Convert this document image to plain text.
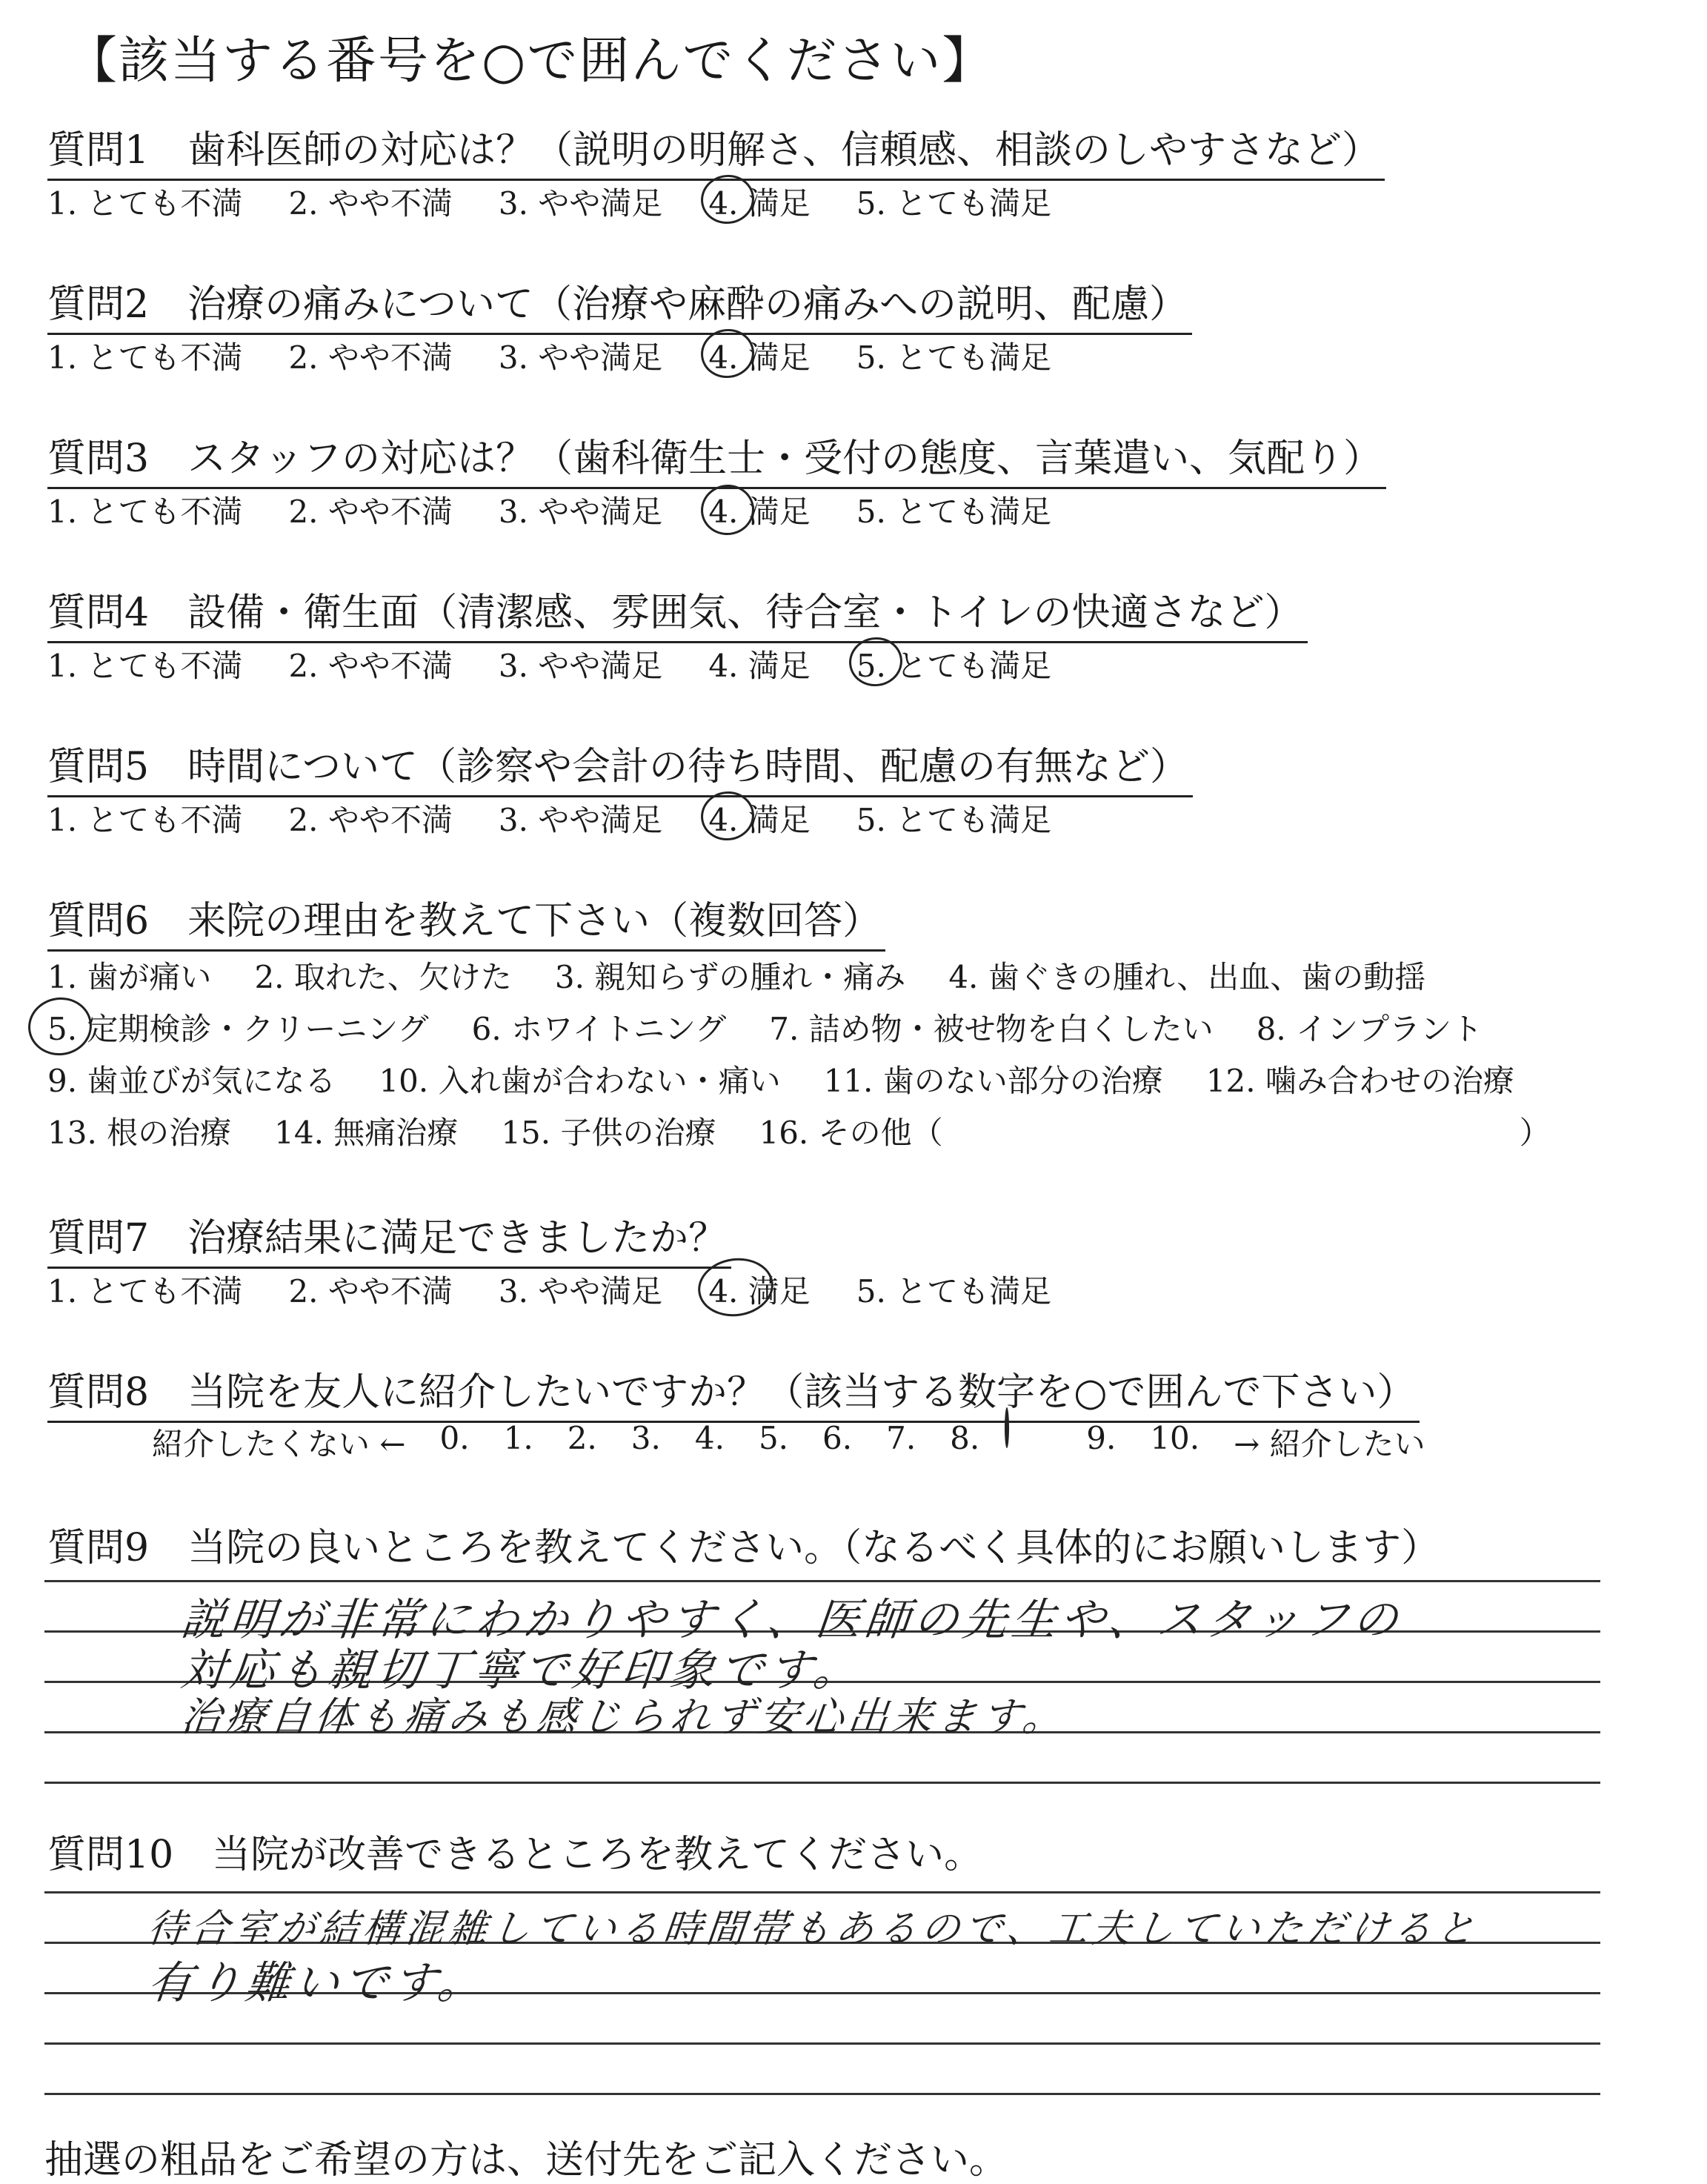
【該当する番号を○で囲んでください】
質問1　歯科医師の対応は？（説明の明解さ、信頼感、相談のしやすさなど）
1. とても不満 2. やや不満 3. やや満足 4. 満足 5. とても満足
質問2　治療の痛みについて（治療や麻酔の痛みへの説明、配慮）
1. とても不満 2. やや不満 3. やや満足 4. 満足 5. とても満足
質問3　スタッフの対応は？（歯科衛生士・受付の態度、言葉遣い、気配り）
1. とても不満 2. やや不満 3. やや満足 4. 満足 5. とても満足
質問4　設備・衛生面（清潔感、雰囲気、待合室・トイレの快適さなど）
1. とても不満 2. やや不満 3. やや満足 4. 満足 5. とても満足
質問5　時間について（診察や会計の待ち時間、配慮の有無など）
1. とても不満 2. やや不満 3. やや満足 4. 満足 5. とても満足
質問6　来院の理由を教えて下さい（複数回答）
1. 歯が痛い 2. 取れた、欠けた 3. 親知らずの腫れ・痛み 4. 歯ぐきの腫れ、出血、歯の動揺
5. 定期検診・クリーニング 6. ホワイトニング 7. 詰め物・被せ物を白くしたい 8. インプラント
9. 歯並びが気になる 10. 入れ歯が合わない・痛い 11. 歯のない部分の治療 12. 噛み合わせの治療
13. 根の治療 14. 無痛治療 15. 子供の治療 16. その他（	）
質問7　治療結果に満足できましたか？
1. とても不満 2. やや不満 3. やや満足 4. 満足 5. とても満足
質問8　当院を友人に紹介したいですか？（該当する数字を○で囲んで下さい）
紹介したくない ← 0. 1. 2. 3. 4. 5. 6. 7. 8.	9. 10. → 紹介したい
質問9　当院の良いところを教えてください。（なるべく具体的にお願いします）
説明が非常にわかりやすく、医師の先生や、スタッフの
対応も親切丁寧で好印象です。
治療自体も痛みも感じられず安心出来ます。
質問10　当院が改善できるところを教えてください。
待合室が結構混雑している時間帯もあるので、工夫していただけると
有り難いです。
抽選の粗品をご希望の方は、送付先をご記入ください。
